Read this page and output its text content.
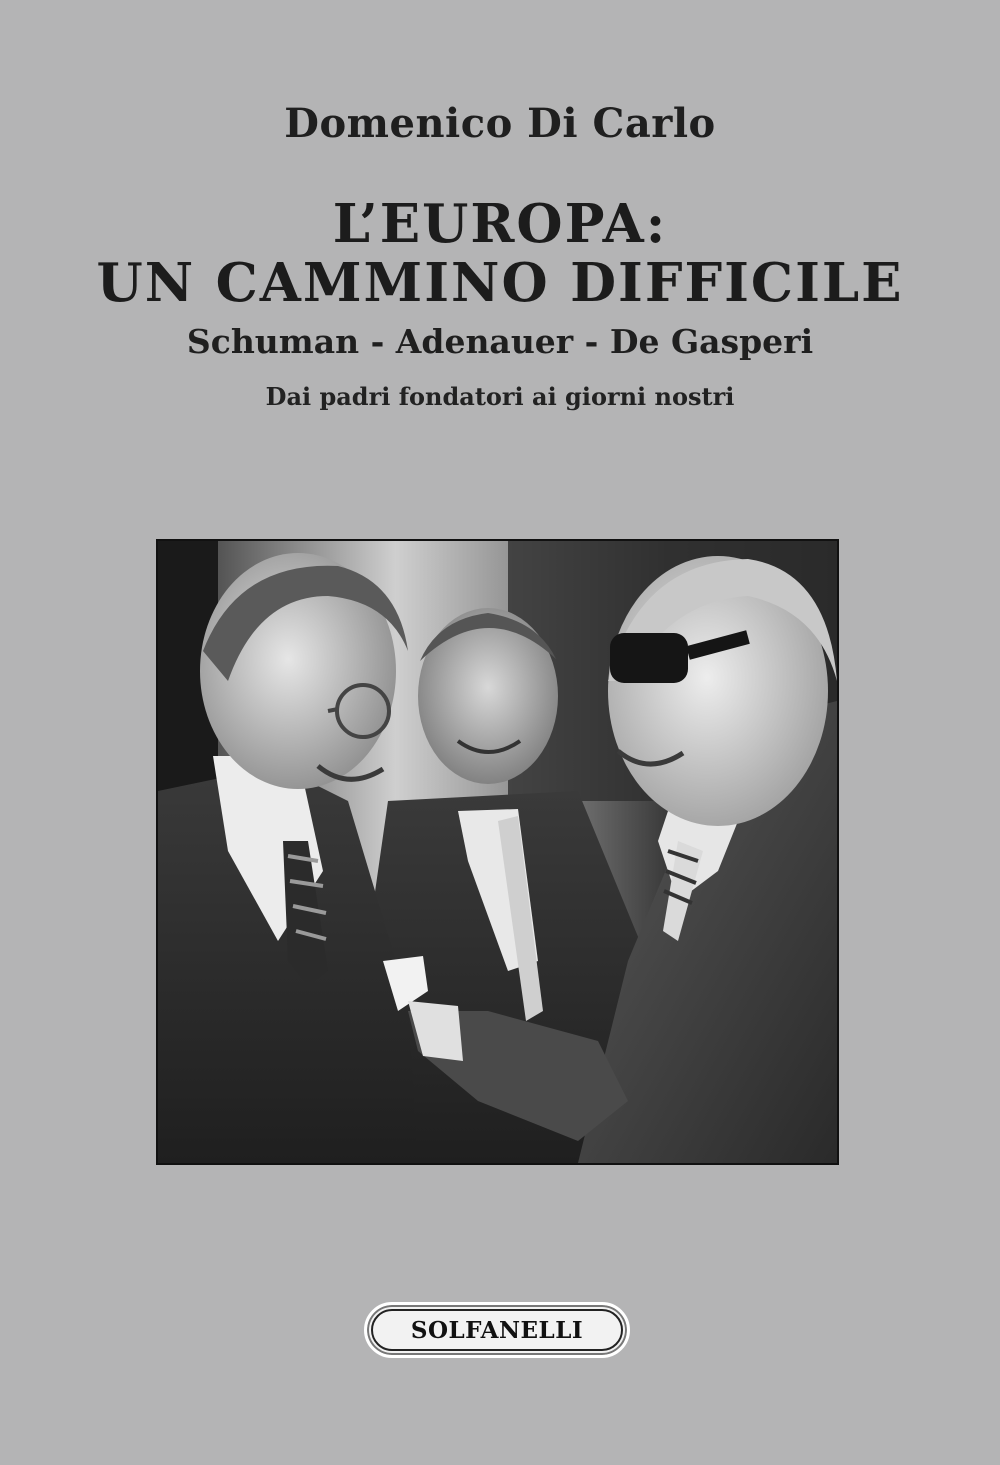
Domenico Di Carlo
L’EUROPA:
UN CAMMINO DIFFICILE
Schuman - Adenauer - De Gasperi
Dai padri fondatori ai giorni nostri
SOLFANELLI
